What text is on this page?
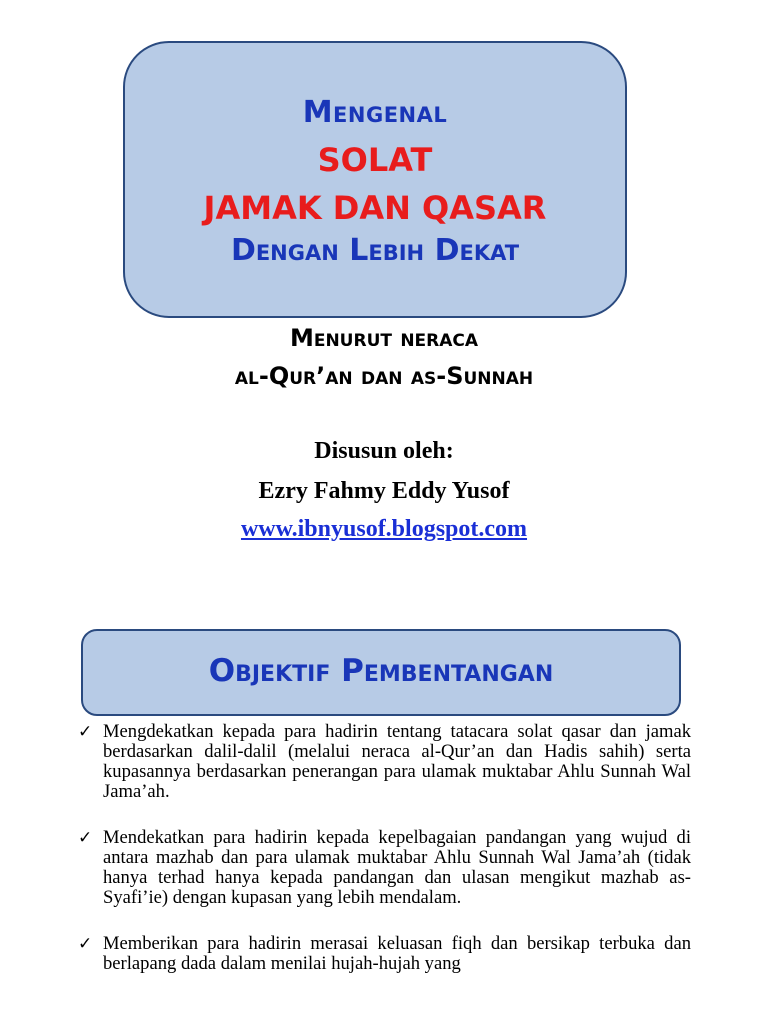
Mengenal
SOLAT
JAMAK DAN QASAR
Dengan Lebih Dekat
Menurut neraca
al-Qur’an dan as-Sunnah
Disusun oleh:
Ezry Fahmy Eddy Yusof
www.ibnyusof.blogspot.com
Objektif Pembentangan
✓ Mengdekatkan kepada para hadirin tentang tatacara solat qasar dan jamak berdasarkan dalil-dalil (melalui neraca al-Qur’an dan Hadis sahih) serta kupasannya berdasarkan penerangan para ulamak muktabar Ahlu Sunnah Wal Jama’ah.
✓ Mendekatkan para hadirin kepada kepelbagaian pandangan yang wujud di antara mazhab dan para ulamak muktabar Ahlu Sunnah Wal Jama’ah (tidak hanya terhad hanya kepada pandangan dan ulasan mengikut mazhab as-Syafi’ie) dengan kupasan yang lebih mendalam.
✓ Memberikan para hadirin merasai keluasan fiqh dan bersikap terbuka dan berlapang dada dalam menilai hujah-hujah yang
